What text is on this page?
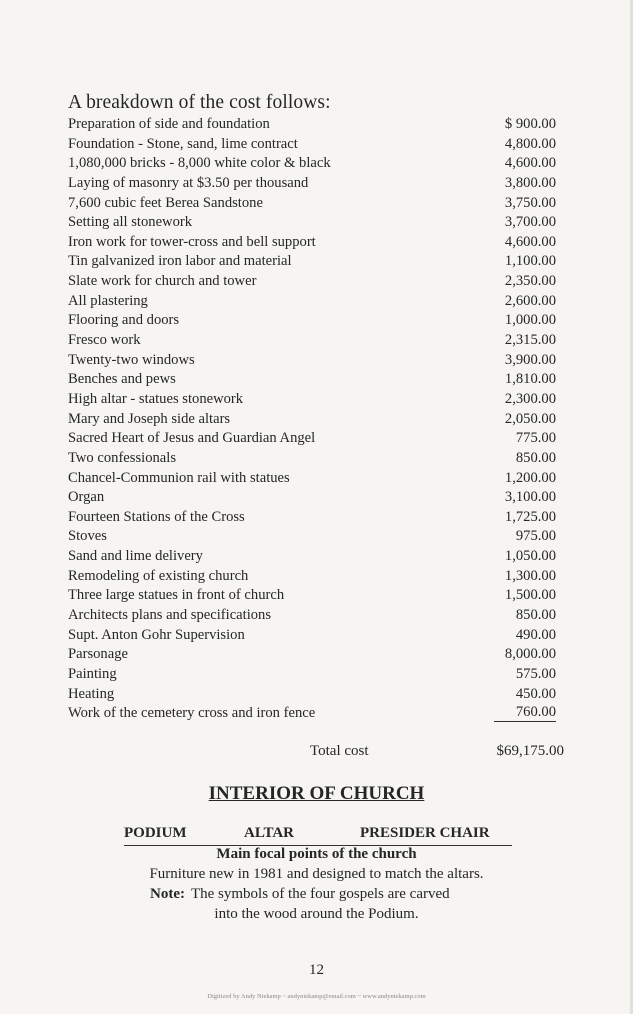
A breakdown of the cost follows:
Preparation of side and foundation	$ 900.00
Foundation - Stone, sand, lime contract	4,800.00
1,080,000 bricks - 8,000 white color & black	4,600.00
Laying of masonry at $3.50 per thousand	3,800.00
7,600 cubic feet Berea Sandstone	3,750.00
Setting all stonework	3,700.00
Iron work for tower-cross and bell support	4,600.00
Tin galvanized iron labor and material	1,100.00
Slate work for church and tower	2,350.00
All plastering	2,600.00
Flooring and doors	1,000.00
Fresco work	2,315.00
Twenty-two windows	3,900.00
Benches and pews	1,810.00
High altar - statues stonework	2,300.00
Mary and Joseph side altars	2,050.00
Sacred Heart of Jesus and Guardian Angel	775.00
Two confessionals	850.00
Chancel-Communion rail with statues	1,200.00
Organ	3,100.00
Fourteen Stations of the Cross	1,725.00
Stoves	975.00
Sand and lime delivery	1,050.00
Remodeling of existing church	1,300.00
Three large statues in front of church	1,500.00
Architects plans and specifications	850.00
Supt. Anton Gohr Supervision	490.00
Parsonage	8,000.00
Painting	575.00
Heating	450.00
Work of the cemetery cross and iron fence	760.00
Total cost	$69,175.00
INTERIOR OF CHURCH
PODIUM	ALTAR	PRESIDER CHAIR
Main focal points of the church
Furniture new in 1981 and designed to match the altars.
Note: The symbols of the four gospels are carved
into the wood around the Podium.
12
Digitized by Andy Niekamp ~ andyniekamp@email.com ~ www.andyniekamp.com
